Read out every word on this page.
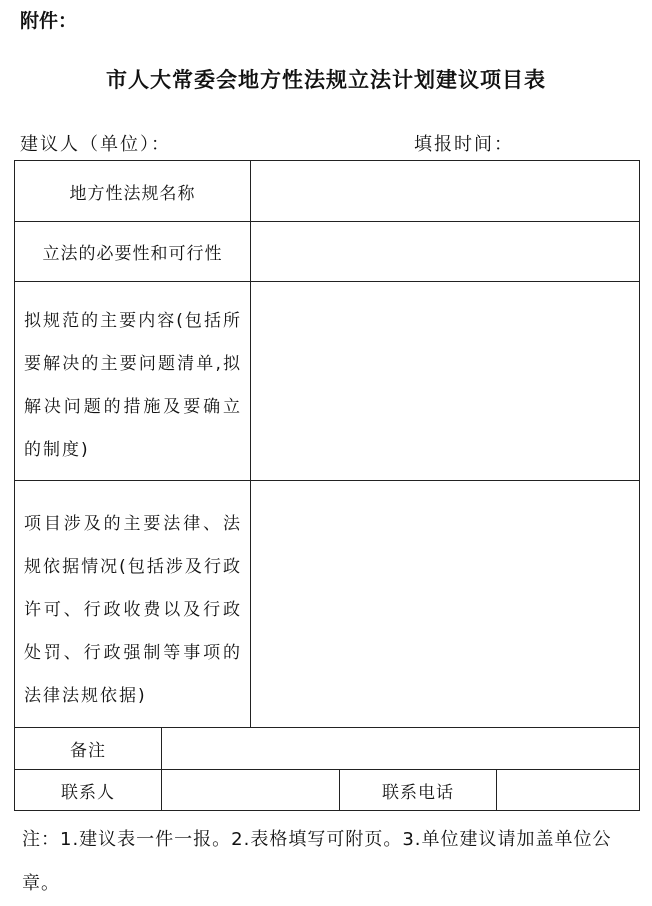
附件：
市人大常委会地方性法规立法计划建议项目表
建议人（单位）：	填报时间：
地方性法规名称
立法的必要性和可行性
拟规范的主要内容(包括所要解决的主要问题清单,拟解决问题的措施及要确立的制度)
项目涉及的主要法律、法规依据情况(包括涉及行政许可、行政收费以及行政处罚、行政强制等事项的法律法规依据)
备注
联系人	联系电话
注：1.建议表一件一报。2.表格填写可附页。3.单位建议请加盖单位公章。
